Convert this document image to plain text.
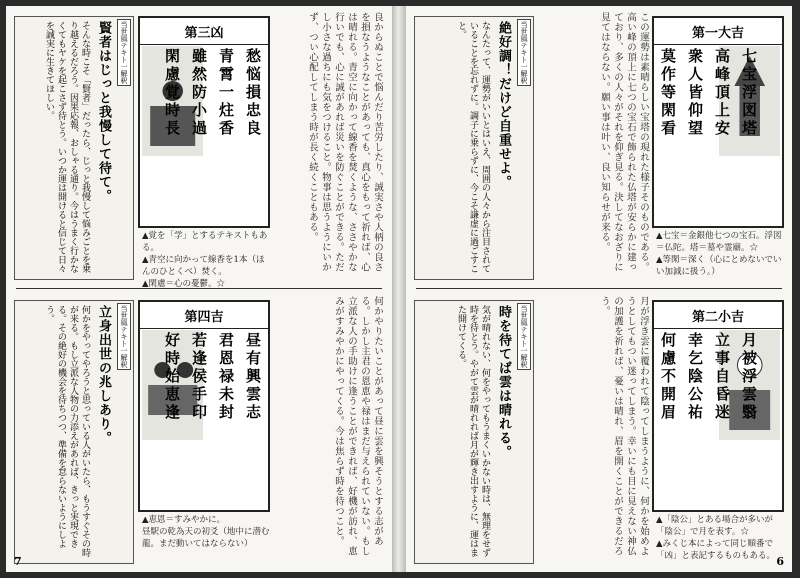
良からぬことで悩んだり苦労したり、誠実さや人柄の良さを損なうようなことがあっても、真心をもって祈れば、心は晴れる。青空に向かって線香を焚くような、ささやかな行いでも、心に誠があれば災いを防ぐことができる。ただし小さな過ちにも気をつけること。物事は思うようにいかず、つい心配してしまう時が長く続くこともある。
第三凶
愁悩損忠良
青霄一炷香
雖然防小過
閑慮覚時長
▲覚を「学」とするテキストもある。
▲青空に向かって線香を1本（ほんのひとくべ）焚く。
▲閑慮＝心の憂鬱。☆
当世風テキト一解釈
賢者はじっと我慢して待て。
そんな時こそ「賢者」だったら、じっと我慢して悩みごとを乗り越えるだろう。因果応報、おしゃる通り。今はうまく行かなくてもヤケを起こさず待とう。いつか運は開けると信じて日々を誠実に生きてほしい。
何かやりたいことがあって昼に雲を興そうとする志がある。しかし主君の恩恵や禄はまだ与えられていない。もし立派な人の手助けに逢うことができれば、好機が訪れ、恵みがすみやかにやってくる。今は焦らず時を待つこと。
第四吉
昼有興雲志
君恩禄未封
若逢侯手印
好時始恵逢
▲恵恩＝すみやかに。
昼駅の乾為天の初爻（地中に潜む龍。まだ動いてはならない）
当世風テキト一解釈
立身出世の兆しあり。
何かをやってやろうと思っている人がいたら、もうすぐその時が来る。もし立派な人物の力添えがあれば、きっと実現できる。その絶好の機会を待ちつつ、準備を怠らないようにしよう。
7
第一大吉
七宝浮図塔
高峰頂上安
衆人皆仰望
莫作等閑看
▲七宝＝金銀他七つの宝石。浮図＝仏陀。塔＝墓や霊廟。☆
▲等閑＝深く（心にとめないでいい加減に扱う。）
この運勢は素晴らしい宝塔の現れた様子そのものである。高い峰の頂上に七つの宝石で飾られた仏塔が安らかに建っており、多くの人々がそれを仰ぎ見る。決してなおざりに見てはならない。願い事は叶い、良い知らせが来る。
当世風テキト一解釈
絶好調！だけど自重せよ。
なんたって、運勢がいいとはいえ、周囲の人々から注目されていることを忘れずに。調子に乗らずに、今こそ謙虚に過ごすこと。
第二小吉
月被浮雲翳
立事自昏迷
幸乞陰公祐
何慮不開眉
▲「陰公」とある場合が多いが「陰公」で月を表す。☆
▲みくじ本によって同じ順番で「凶」と表記するものもある。
月が浮き雲に覆われて陰ってしまうように、何かを始めようとしてもつい迷ってしまう。幸いにも目に見えない神仏の加護を祈れば、憂いは晴れ、眉を開くことができるだろう。
当世風テキト一解釈
時を待てば雲は晴れる。
気が晴れない、何をやってもうまくいかない時は、無理をせず時を待とう。やがて雲が晴れれば月が輝き出すように、運はまた開けてくる。
6
